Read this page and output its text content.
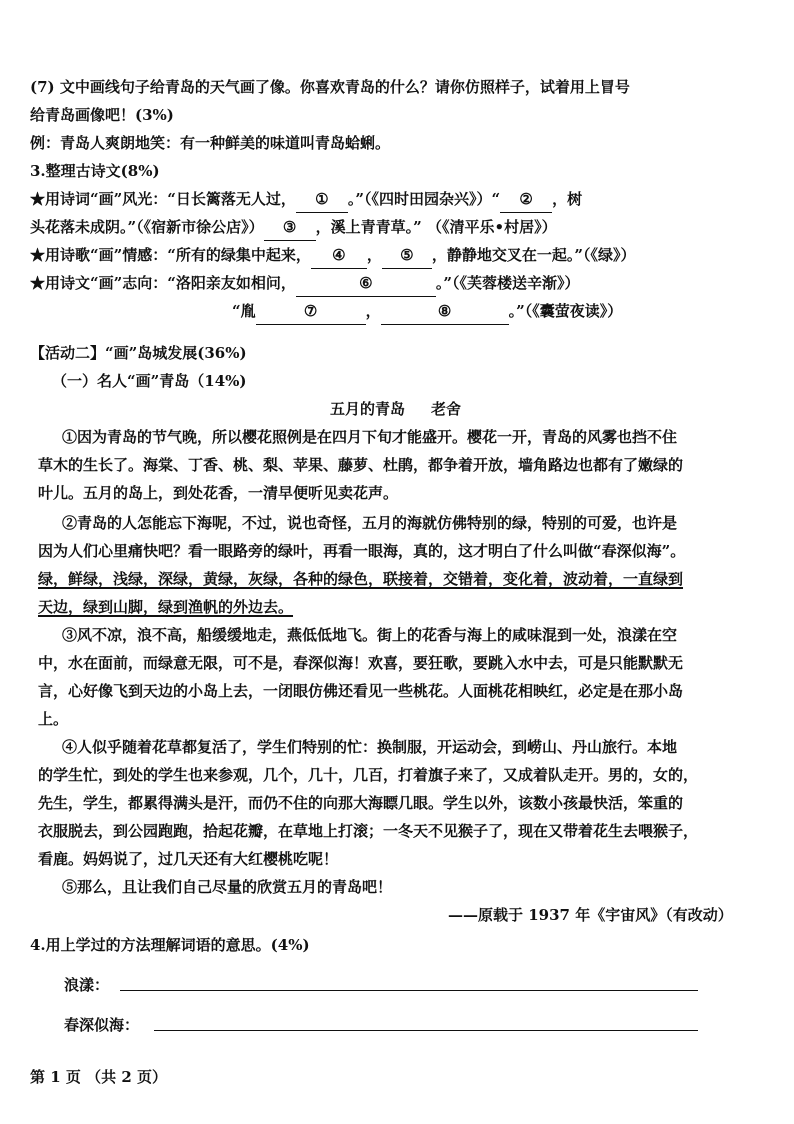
(7) 文中画线句子给青岛的天气画了像。你喜欢青岛的什么？请你仿照样子，试着用上冒号
给青岛画像吧！(3%)
例：青岛人爽朗地笑：有一种鲜美的味道叫青岛蛤蜊。
3.整理古诗文(8%)
★用诗词“画”风光：“日长篱落无人过， ① 。”（《四时田园杂兴》）“ ② ，树
头花落未成阴。”（《宿新市徐公店》） ③ ，溪上青青草。” （《清平乐•村居》）
★用诗歌“画”情感：“所有的绿集中起来， ④ ， ⑤ ，静静地交叉在一起。”（《绿》）
★用诗文“画”志向：“洛阳亲友如相问，	⑥	。”（《芙蓉楼送辛渐》）
“胤	⑦	，	⑧	。”（《囊萤夜读》）
【活动二】“画”岛城发展(36%)
（一）名人“画”青岛（14%)
五月的青岛 老舍
①因为青岛的节气晚，所以樱花照例是在四月下旬才能盛开。樱花一开，青岛的风雾也挡不住
草木的生长了。海棠、丁香、桃、梨、苹果、藤萝、杜鹃，都争着开放，墙角路边也都有了嫩绿的
叶儿。五月的岛上，到处花香，一清早便听见卖花声。
②青岛的人怎能忘下海呢，不过，说也奇怪，五月的海就仿佛特别的绿，特别的可爱，也许是
因为人们心里痛快吧？看一眼路旁的绿叶，再看一眼海，真的，这才明白了什么叫做“春深似海”。
绿，鲜绿，浅绿，深绿，黄绿，灰绿，各种的绿色，联接着，交错着，变化着，波动着，一直绿到
天边，绿到山脚，绿到渔帆的外边去。
③风不凉，浪不高，船缓缓地走，燕低低地飞。街上的花香与海上的咸味混到一处，浪漾在空
中，水在面前，而绿意无限，可不是，春深似海！欢喜，要狂歌，要跳入水中去，可是只能默默无
言，心好像飞到天边的小岛上去，一闭眼仿佛还看见一些桃花。人面桃花相映红，必定是在那小岛
上。
④人似乎随着花草都复活了，学生们特别的忙：换制服，开运动会，到崂山、丹山旅行。本地
的学生忙，到处的学生也来参观，几个，几十，几百，打着旗子来了，又成着队走开。男的，女的，
先生，学生，都累得满头是汗，而仍不住的向那大海瞟几眼。学生以外，该数小孩最快活，笨重的
衣服脱去，到公园跑跑，拾起花瓣，在草地上打滚；一冬天不见猴子了，现在又带着花生去喂猴子，
看鹿。妈妈说了，过几天还有大红樱桃吃呢！
⑤那么，且让我们自己尽量的欣赏五月的青岛吧！
——原载于 1937 年《宇宙风》（有改动）
4.用上学过的方法理解词语的意思。(4%)
浪漾：
春深似海：
第 1 页 （共 2 页）
